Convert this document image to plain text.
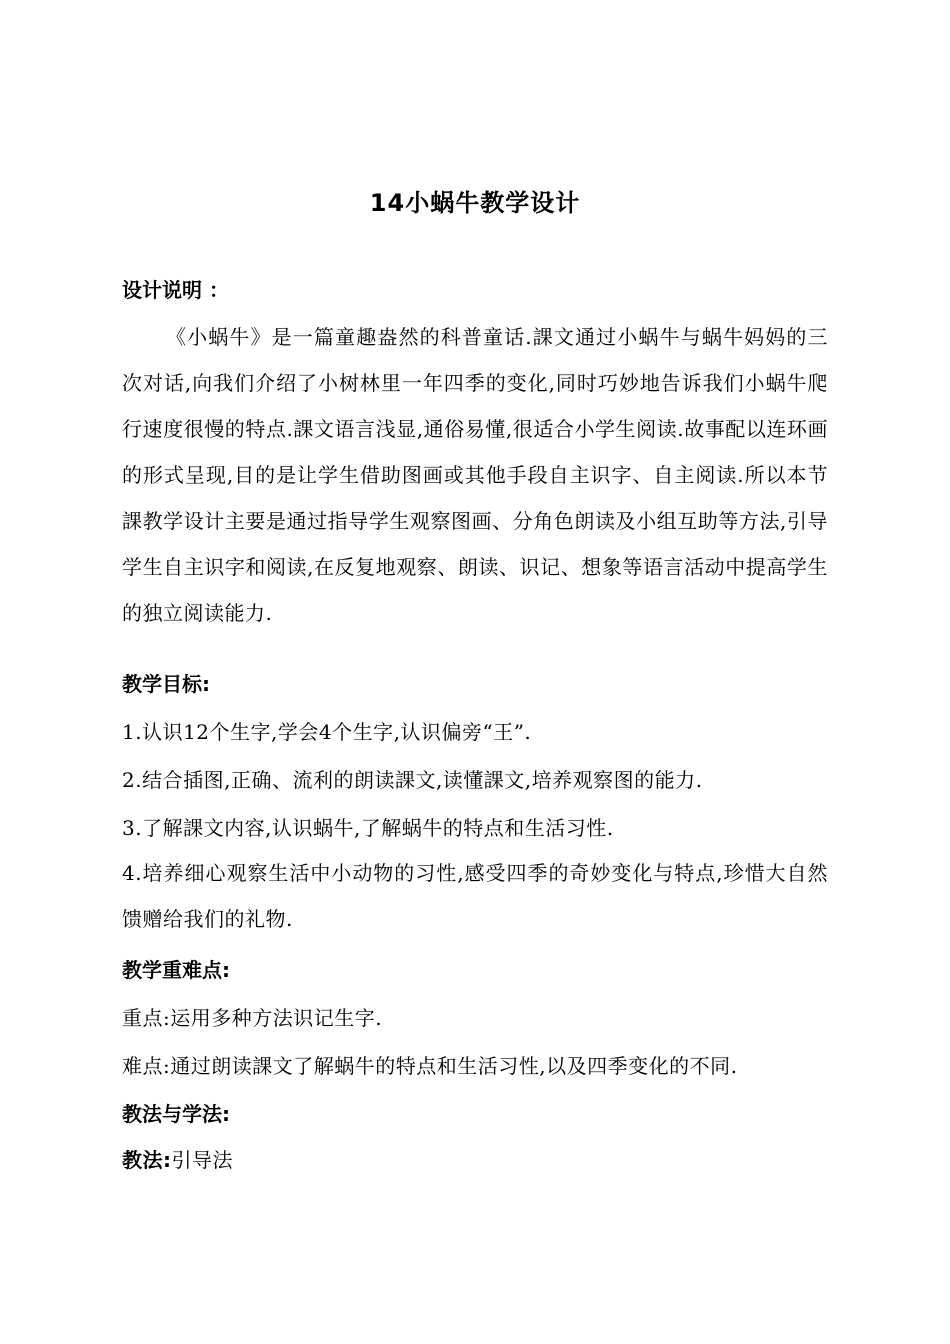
14小蜗牛教学设计
设计说明 ：
《小蜗牛》是一篇童趣盎然的科普童话.課文通过小蜗牛与蜗牛妈妈的三次对话,向我们介绍了小树林里一年四季的变化,同时巧妙地告诉我们小蜗牛爬行速度很慢的特点.課文语言浅显,通俗易懂,很适合小学生阅读.故事配以连环画的形式呈现,目的是让学生借助图画或其他手段自主识字、自主阅读.所以本节課教学设计主要是通过指导学生观察图画、分角色朗读及小组互助等方法,引导学生自主识字和阅读,在反复地观察、朗读、识记、想象等语言活动中提高学生的独立阅读能力.
教学目标:
1.认识12个生字,学会4个生字,认识偏旁“王”.
2.结合插图,正确、流利的朗读課文,读懂課文,培养观察图的能力.
3.了解課文内容,认识蜗牛,了解蜗牛的特点和生活习性.
4.培养细心观察生活中小动物的习性,感受四季的奇妙变化与特点,珍惜大自然馈赠给我们的礼物.
教学重难点:
重点:运用多种方法识记生字.
难点:通过朗读課文了解蜗牛的特点和生活习性,以及四季变化的不同.
教法与学法:
教法:引导法
